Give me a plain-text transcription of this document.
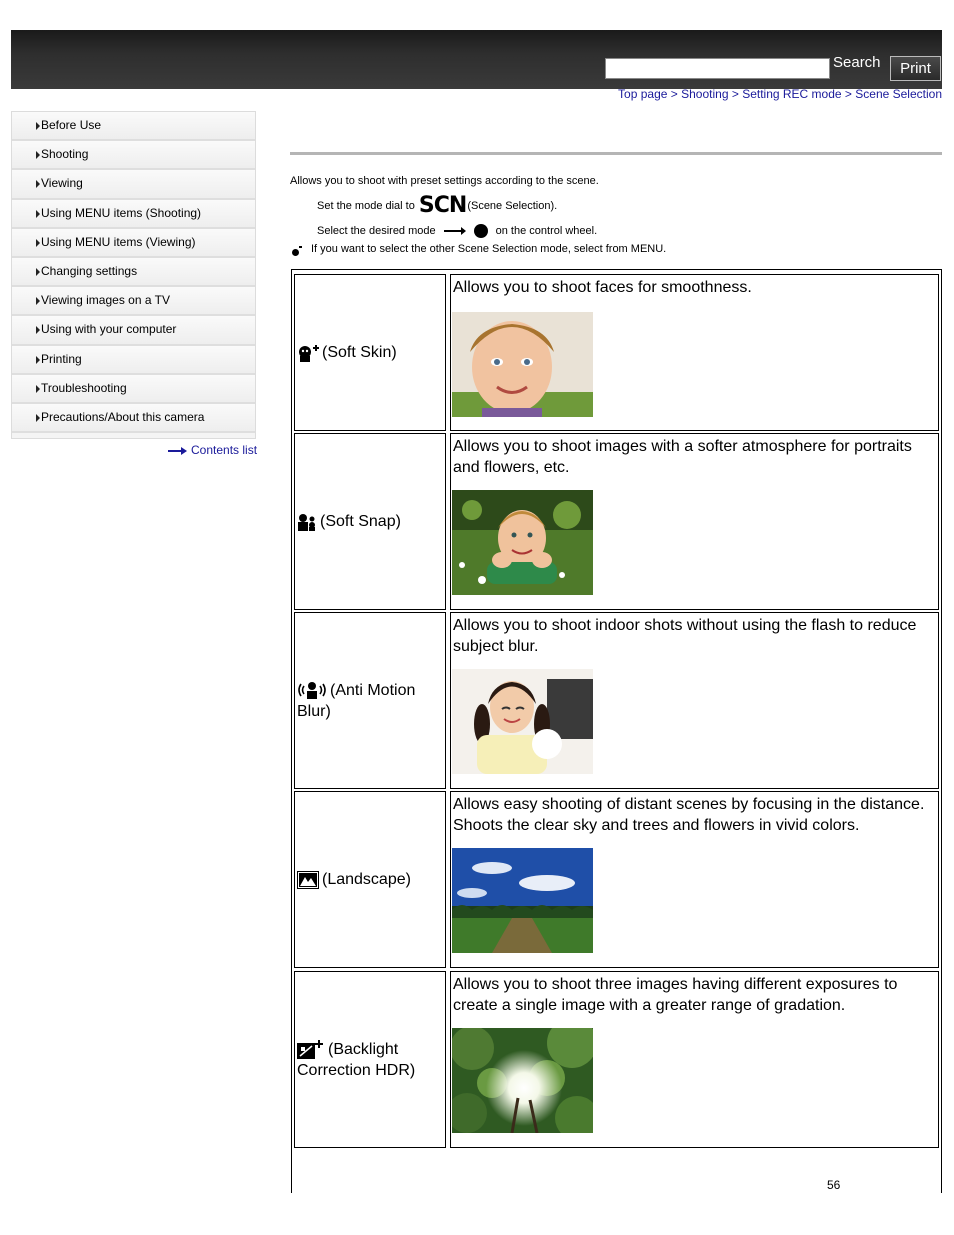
Search	Print
Top page > Shooting > Setting REC mode > Scene Selection
Before Use
Shooting
Viewing
Using MENU items (Shooting)
Using MENU items (Viewing)
Changing settings
Viewing images on a TV
Using with your computer
Printing
Troubleshooting
Precautions/About this camera
Contents list
Allows you to shoot with preset settings according to the scene.
Set the mode dial to
SCN (Scene Selection).
Select the desired mode	on the control wheel.
If you want to select the other Scene Selection mode, select from MENU.
(Soft Skin)
Allows you to shoot faces for smoothness.
(Soft Snap)
Allows you to shoot images with a softer atmosphere for portraits and flowers, etc.
(Anti Motion Blur)
Allows you to shoot indoor shots without using the flash to reduce subject blur.
(Landscape)
Allows easy shooting of distant scenes by focusing in the distance. Shoots the clear sky and trees and flowers in vivid colors.
(Backlight Correction HDR)
Allows you to shoot three images having different exposures to create a single image with a greater range of gradation.
56
